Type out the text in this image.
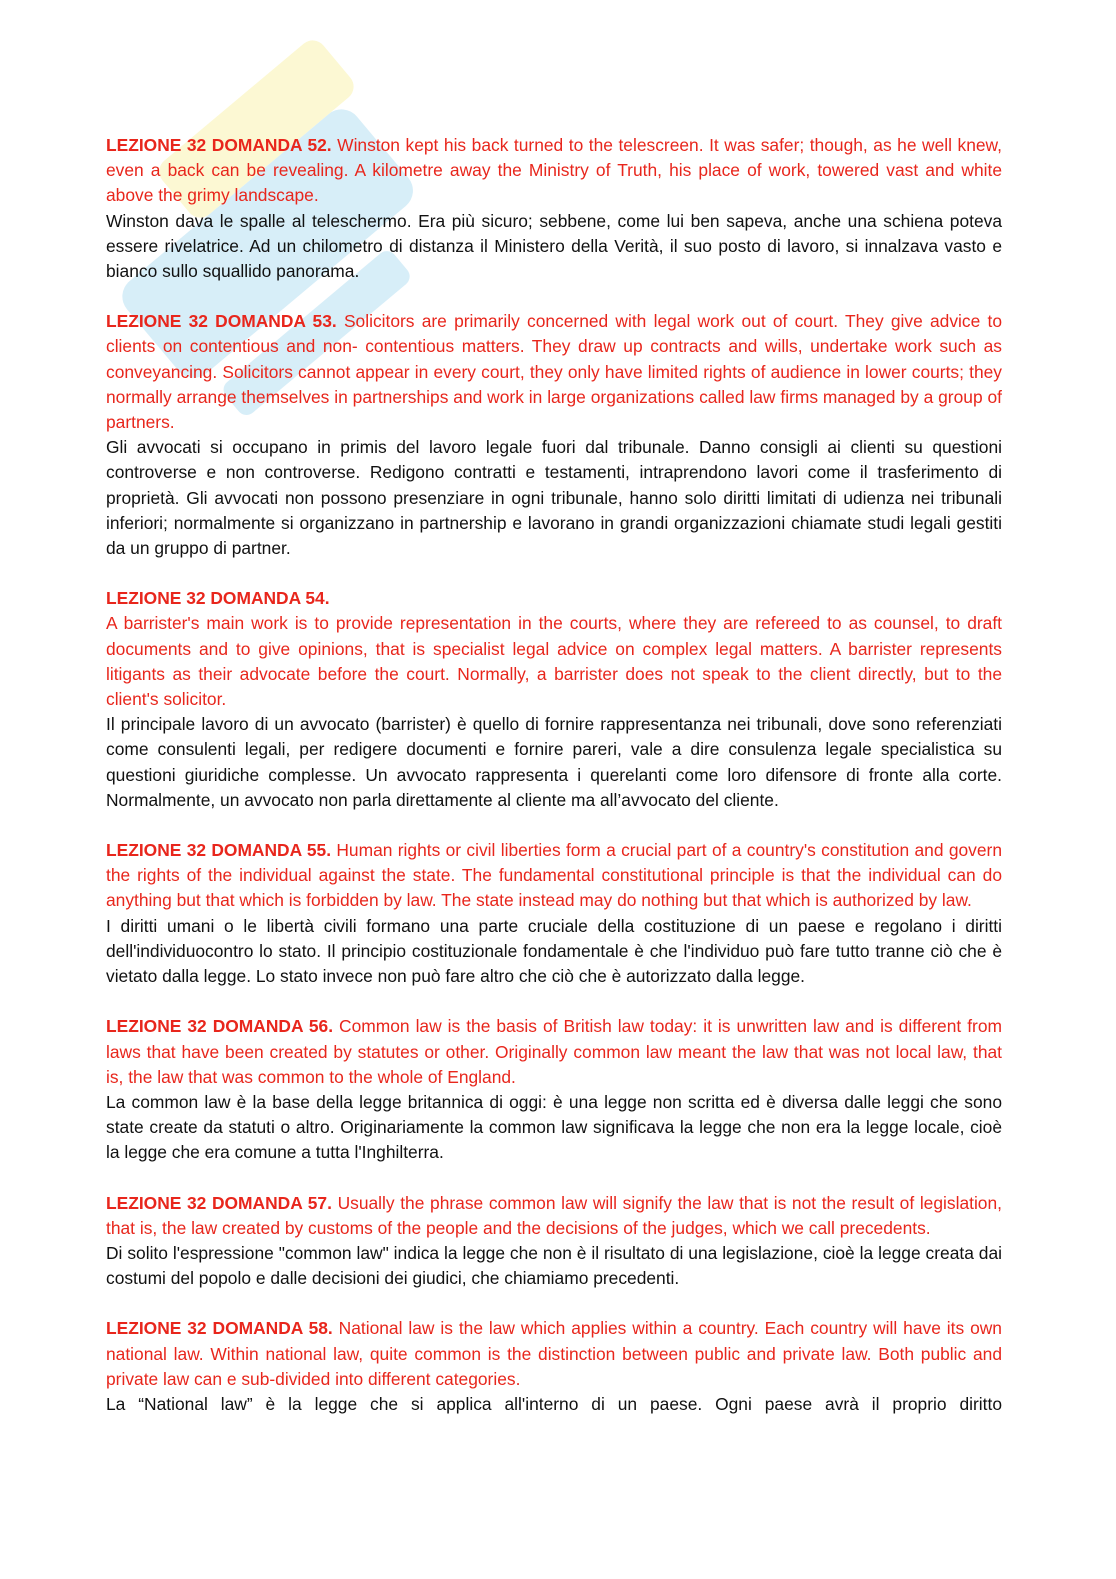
LEZIONE 32 DOMANDA 52. Winston kept his back turned to the telescreen. It was safer; though, as he well knew, even a back can be revealing. A kilometre away the Ministry of Truth, his place of work, towered vast and white above the grimy landscape.

Winston dava le spalle al teleschermo. Era più sicuro; sebbene, come lui ben sapeva, anche una schiena poteva essere rivelatrice. Ad un chilometro di distanza il Ministero della Verità, il suo posto di lavoro, si innalzava vasto e bianco sullo squallido panorama.

LEZIONE 32 DOMANDA 53. Solicitors are primarily concerned with legal work out of court. They give advice to clients on contentious and non- contentious matters. They draw up contracts and wills, undertake work such as conveyancing. Solicitors cannot appear in every court, they only have limited rights of audience in lower courts; they normally arrange themselves in partnerships and work in large organizations called law firms managed by a group of partners.

Gli avvocati si occupano in primis del lavoro legale fuori dal tribunale. Danno consigli ai clienti su questioni controverse e non controverse. Redigono contratti e testamenti, intraprendono lavori come il trasferimento di proprietà. Gli avvocati non possono presenziare in ogni tribunale, hanno solo diritti limitati di udienza nei tribunali inferiori; normalmente si organizzano in partnership e lavorano in grandi organizzazioni chiamate studi legali gestiti da un gruppo di partner.

LEZIONE 32 DOMANDA 54.
A barrister's main work is to provide representation in the courts, where they are refereed to as counsel, to draft documents and to give opinions, that is specialist legal advice on complex legal matters. A barrister represents litigants as their advocate before the court. Normally, a barrister does not speak to the client directly, but to the client's solicitor.

Il principale lavoro di un avvocato (barrister) è quello di fornire rappresentanza nei tribunali, dove sono referenziati come consulenti legali, per redigere documenti e fornire pareri, vale a dire consulenza legale specialistica su questioni giuridiche complesse. Un avvocato rappresenta i querelanti come loro difensore di fronte alla corte. Normalmente, un avvocato non parla direttamente al cliente ma all’avvocato del cliente.

LEZIONE 32 DOMANDA 55. Human rights or civil liberties form a crucial part of a country's constitution and govern the rights of the individual against the state. The fundamental constitutional principle is that the individual can do anything but that which is forbidden by law. The state instead may do nothing but that which is authorized by law.

I diritti umani o le libertà civili formano una parte cruciale della costituzione di un paese e regolano i diritti dell'individuocontro lo stato. Il principio costituzionale fondamentale è che l'individuo può fare tutto tranne ciò che è vietato dalla legge. Lo stato invece non può fare altro che ciò che è autorizzato dalla legge.

LEZIONE 32 DOMANDA 56. Common law is the basis of British law today: it is unwritten law and is different from laws that have been created by statutes or other. Originally common law meant the law that was not local law, that is, the law that was common to the whole of England.

La common law è la base della legge britannica di oggi: è una legge non scritta ed è diversa dalle leggi che sono state create da statuti o altro. Originariamente la common law significava la legge che non era la legge locale, cioè la legge che era comune a tutta l'Inghilterra.

LEZIONE 32 DOMANDA 57. Usually the phrase common law will signify the law that is not the result of legislation, that is, the law created by customs of the people and the decisions of the judges, which we call precedents.

Di solito l'espressione "common law" indica la legge che non è il risultato di una legislazione, cioè la legge creata dai costumi del popolo e dalle decisioni dei giudici, che chiamiamo precedenti.

LEZIONE 32 DOMANDA 58. National law is the law which applies within a country. Each country will have its own national law. Within national law, quite common is the distinction between public and private law. Both public and private law can e sub-divided into different categories.

La “National law” è la legge che si applica all'interno di un paese. Ogni paese avrà il proprio diritto
